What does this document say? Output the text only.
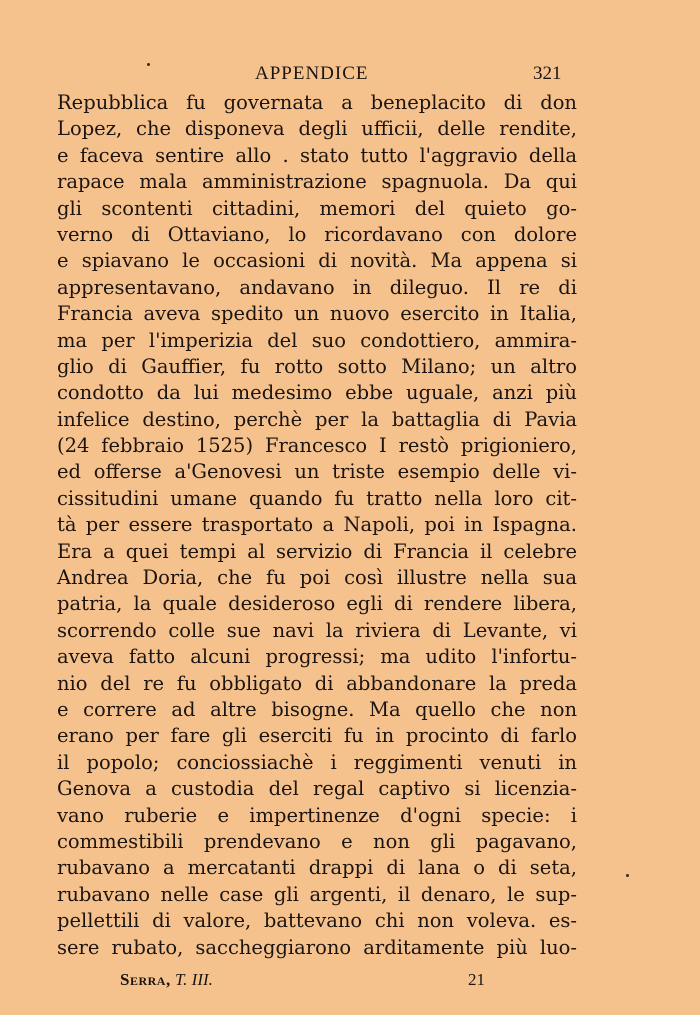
APPENDICE	321
Repubblica fu governata a beneplacito di don
Lopez, che disponeva degli ufficii, delle rendite,
e faceva sentire allo . stato tutto l'aggravio della
rapace mala amministrazione spagnuola. Da qui
gli scontenti cittadini, memori del quieto go-
verno di Ottaviano, lo ricordavano con dolore
e spiavano le occasioni di novità. Ma appena si
appresentavano, andavano in dileguo. Il re di
Francia aveva spedito un nuovo esercito in Italia,
ma per l'imperizia del suo condottiero, ammira-
glio di Gauffier, fu rotto sotto Milano; un altro
condotto da lui medesimo ebbe uguale, anzi più
infelice destino, perchè per la battaglia di Pavia
(24 febbraio 1525) Francesco I restò prigioniero,
ed offerse a'Genovesi un triste esempio delle vi-
cissitudini umane quando fu tratto nella loro cit-
tà per essere trasportato a Napoli, poi in Ispagna.
Era a quei tempi al servizio di Francia il celebre
Andrea Doria, che fu poi così illustre nella sua
patria, la quale desideroso egli di rendere libera,
scorrendo colle sue navi la riviera di Levante, vi
aveva fatto alcuni progressi; ma udito l'infortu-
nio del re fu obbligato di abbandonare la preda
e correre ad altre bisogne. Ma quello che non
erano per fare gli eserciti fu in procinto di farlo
il popolo; conciossiachè i reggimenti venuti in
Genova a custodia del regal captivo si licenzia-
vano ruberie e impertinenze d'ogni specie: i
commestibili prendevano e non gli pagavano,
rubavano a mercatanti drappi di lana o di seta,
rubavano nelle case gli argenti, il denaro, le sup-
pellettili di valore, battevano chi non voleva. es-
sere rubato, saccheggiarono arditamente più luo-
Serra, T. III.	21
